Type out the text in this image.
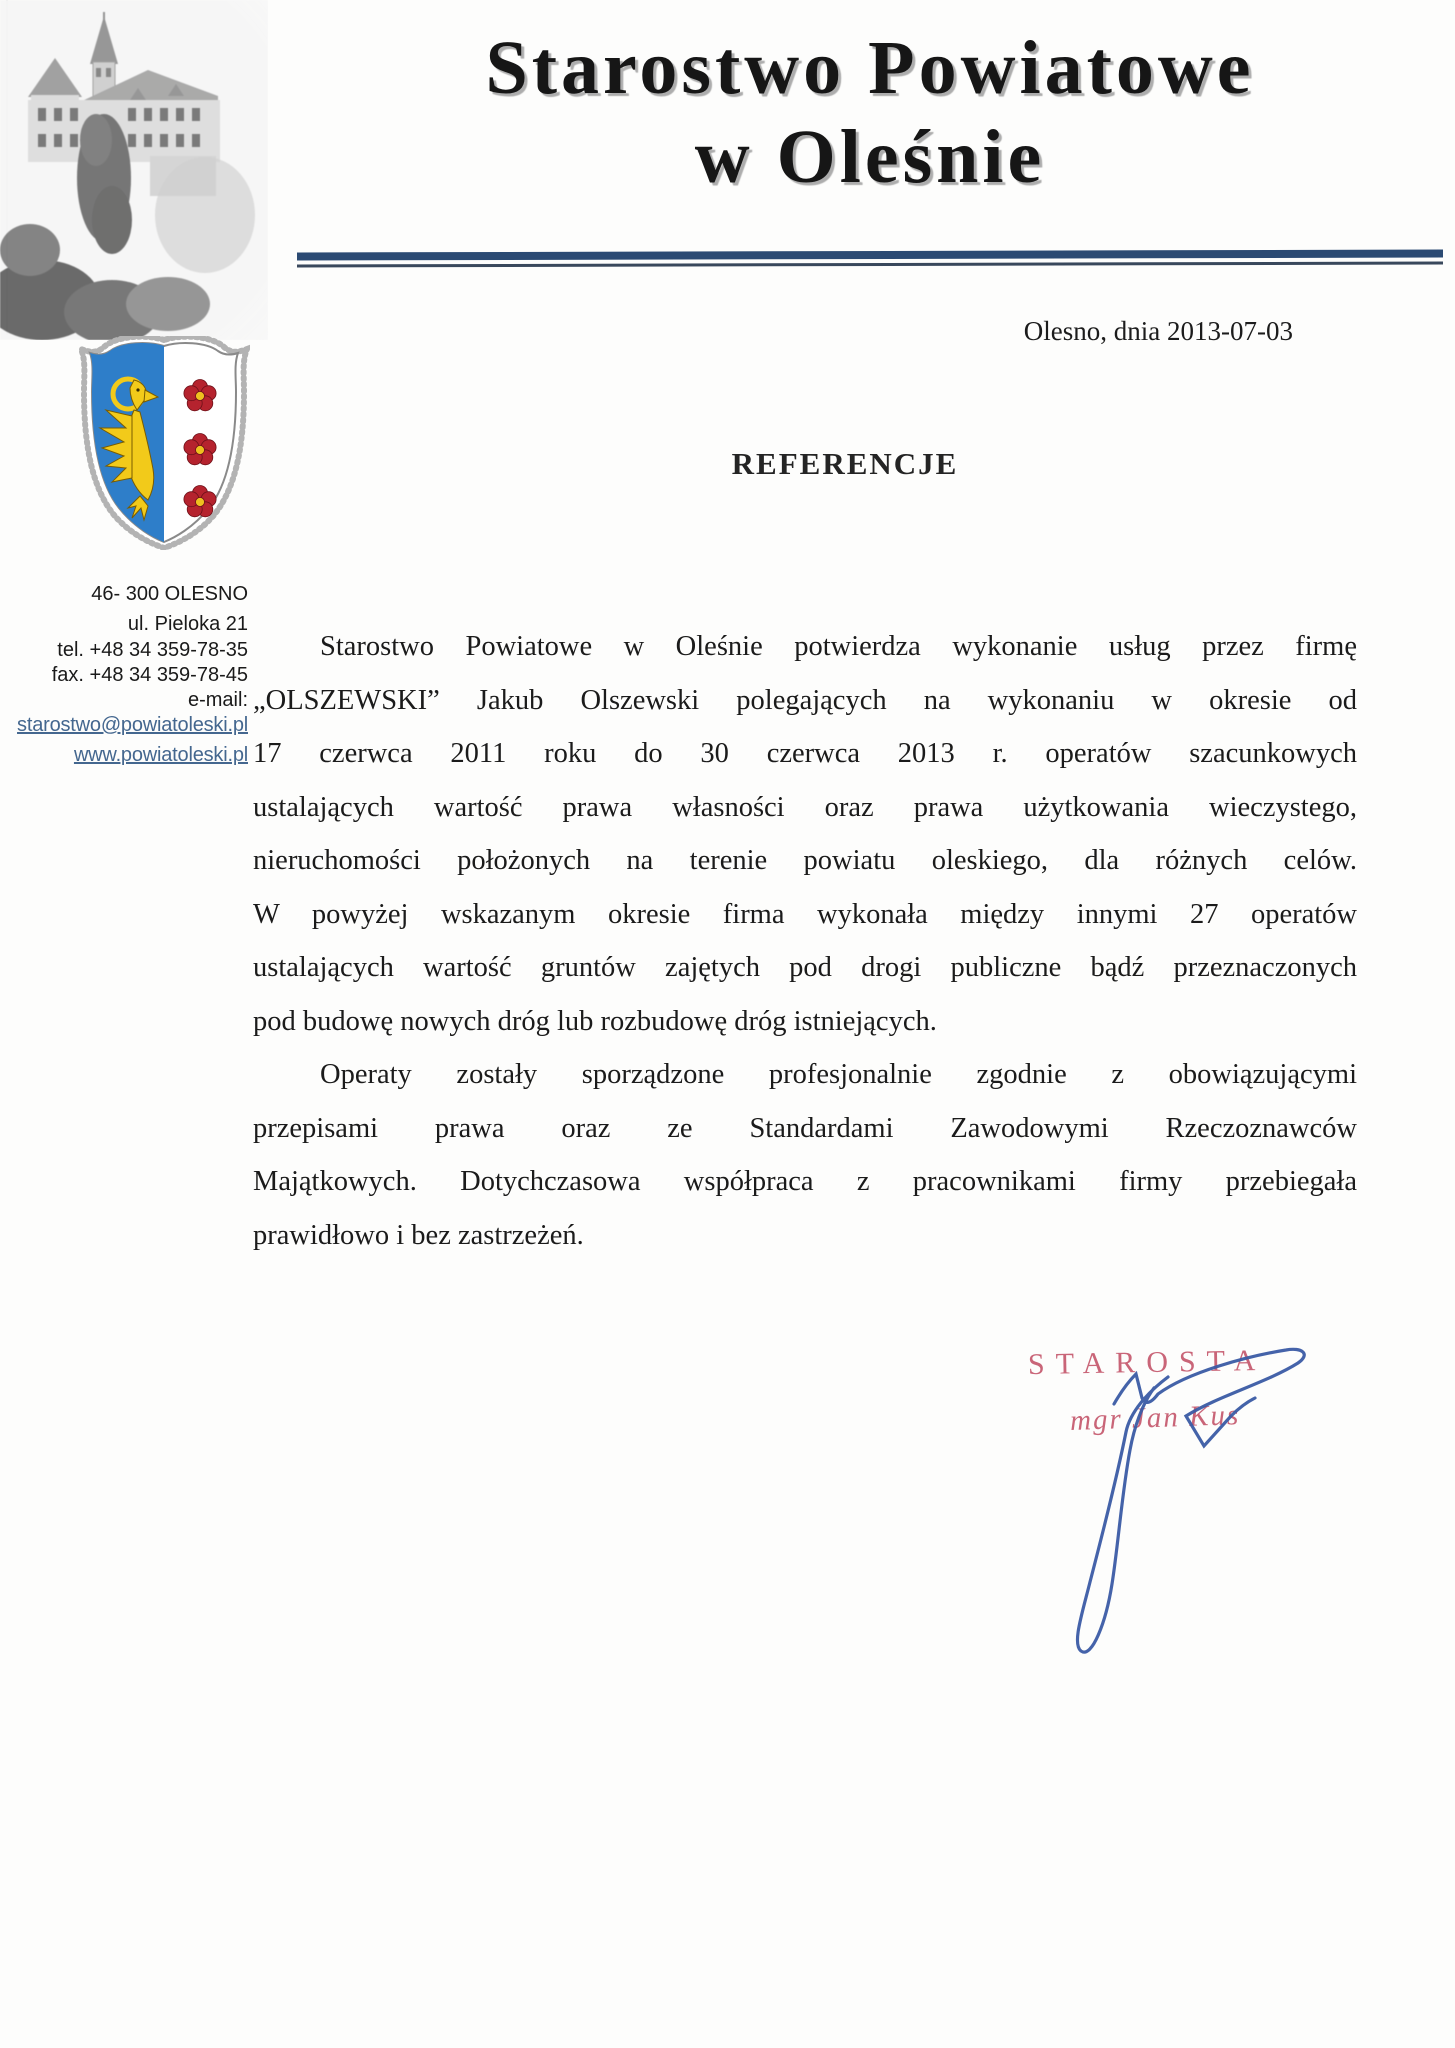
Starostwo Powiatowe
w Oleśnie
Olesno, dnia 2013-07-03
46- 300 OLESNO
ul. Pieloka 21
tel. +48 34 359-78-35
fax. +48 34 359-78-45
e-mail:
starostwo@powiatoleski.pl
www.powiatoleski.pl
REFERENCJE
Starostwo Powiatowe w Oleśnie potwierdza wykonanie usług przez firmę
„OLSZEWSKI” Jakub Olszewski polegających na wykonaniu w okresie od
17 czerwca 2011 roku do 30 czerwca 2013 r. operatów szacunkowych
ustalających wartość prawa własności oraz prawa użytkowania wieczystego,
nieruchomości położonych na terenie powiatu oleskiego, dla różnych celów.
W powyżej wskazanym okresie firma wykonała między innymi 27 operatów
ustalających wartość gruntów zajętych pod drogi publiczne bądź przeznaczonych
pod budowę nowych dróg lub rozbudowę dróg istniejących.
Operaty zostały sporządzone profesjonalnie zgodnie z obowiązującymi
przepisami prawa oraz ze Standardami Zawodowymi Rzeczoznawców
Majątkowych. Dotychczasowa współpraca z pracownikami firmy przebiegała
prawidłowo i bez zastrzeżeń.
STAROSTA
mgr Jan Kus
